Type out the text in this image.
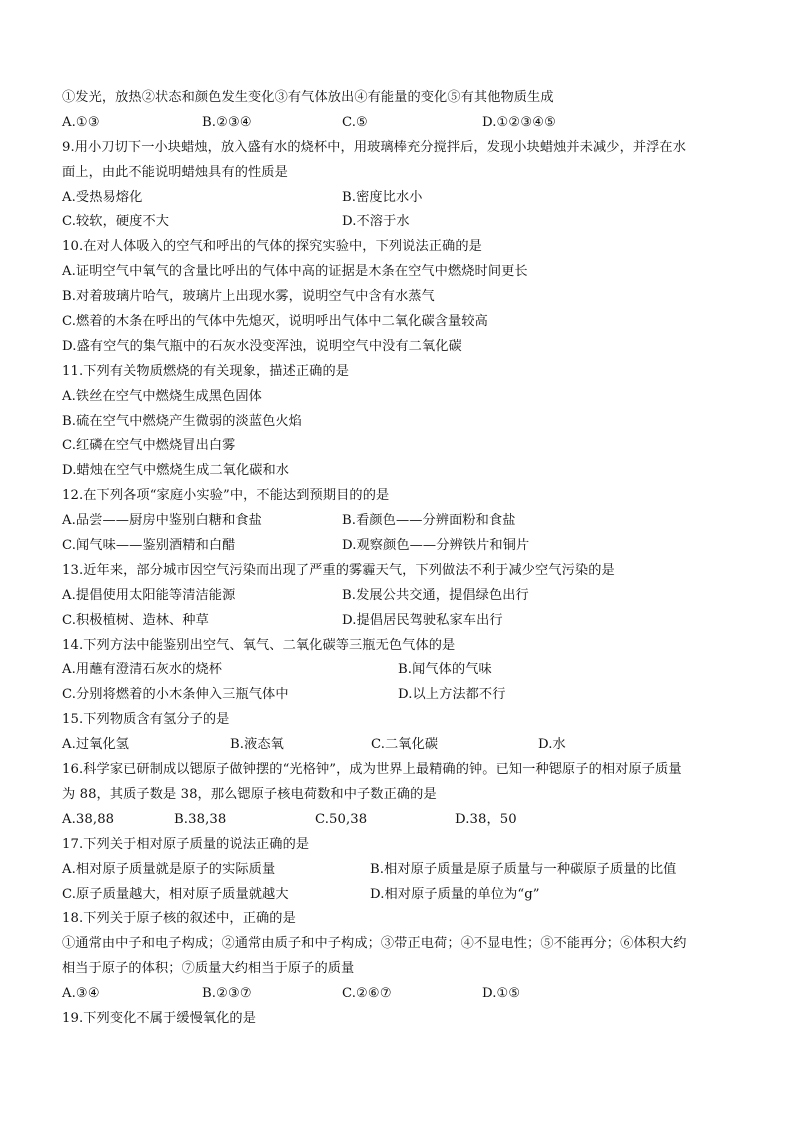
①发光，放热②状态和颜色发生变化③有气体放出④有能量的变化⑤有其他物质生成
A.①③	B.②③④	C.⑤	D.①②③④⑤
9.用小刀切下一小块蜡烛，放入盛有水的烧杯中，用玻璃棒充分搅拌后，发现小块蜡烛并未减少，并浮在水
面上，由此不能说明蜡烛具有的性质是
A.受热易熔化	B.密度比水小
C.较软，硬度不大	D.不溶于水
10.在对人体吸入的空气和呼出的气体的探究实验中，下列说法正确的是
A.证明空气中氧气的含量比呼出的气体中高的证据是木条在空气中燃烧时间更长
B.对着玻璃片哈气，玻璃片上出现水雾，说明空气中含有水蒸气
C.燃着的木条在呼出的气体中先熄灭，说明呼出气体中二氧化碳含量较高
D.盛有空气的集气瓶中的石灰水没变浑浊，说明空气中没有二氧化碳
11.下列有关物质燃烧的有关现象，描述正确的是
A.铁丝在空气中燃烧生成黑色固体
B.硫在空气中燃烧产生微弱的淡蓝色火焰
C.红磷在空气中燃烧冒出白雾
D.蜡烛在空气中燃烧生成二氧化碳和水
12.在下列各项“家庭小实验”中，不能达到预期目的的是
A.品尝——厨房中鉴别白糖和食盐	B.看颜色——分辨面粉和食盐
C.闻气味——鉴别酒精和白醋	D.观察颜色——分辨铁片和铜片
13.近年来，部分城市因空气污染而出现了严重的雾霾天气，下列做法不利于减少空气污染的是
A.提倡使用太阳能等清洁能源	B.发展公共交通，提倡绿色出行
C.积极植树、造林、种草	D.提倡居民驾驶私家车出行
14.下列方法中能鉴别出空气、氧气、二氧化碳等三瓶无色气体的是
A.用蘸有澄清石灰水的烧杯	B.闻气体的气味
C.分别将燃着的小木条伸入三瓶气体中	D.以上方法都不行
15.下列物质含有氢分子的是
A.过氧化氢	B.液态氧	C.二氧化碳	D.水
16.科学家已研制成以锶原子做钟摆的“光格钟”，成为世界上最精确的钟。已知一种锶原子的相对原子质量
为 88，其质子数是 38，那么锶原子核电荷数和中子数正确的是
A.38,88	B.38,38	C.50,38	D.38，50
17.下列关于相对原子质量的说法正确的是
A.相对原子质量就是原子的实际质量	B.相对原子质量是原子质量与一种碳原子质量的比值
C.原子质量越大，相对原子质量就越大	D.相对原子质量的单位为“g”
18.下列关于原子核的叙述中，正确的是
①通常由中子和电子构成；②通常由质子和中子构成；③带正电荷；④不显电性；⑤不能再分；⑥体积大约
相当于原子的体积；⑦质量大约相当于原子的质量
A.③④	B.②③⑦	C.②⑥⑦	D.①⑤
19.下列变化不属于缓慢氧化的是
